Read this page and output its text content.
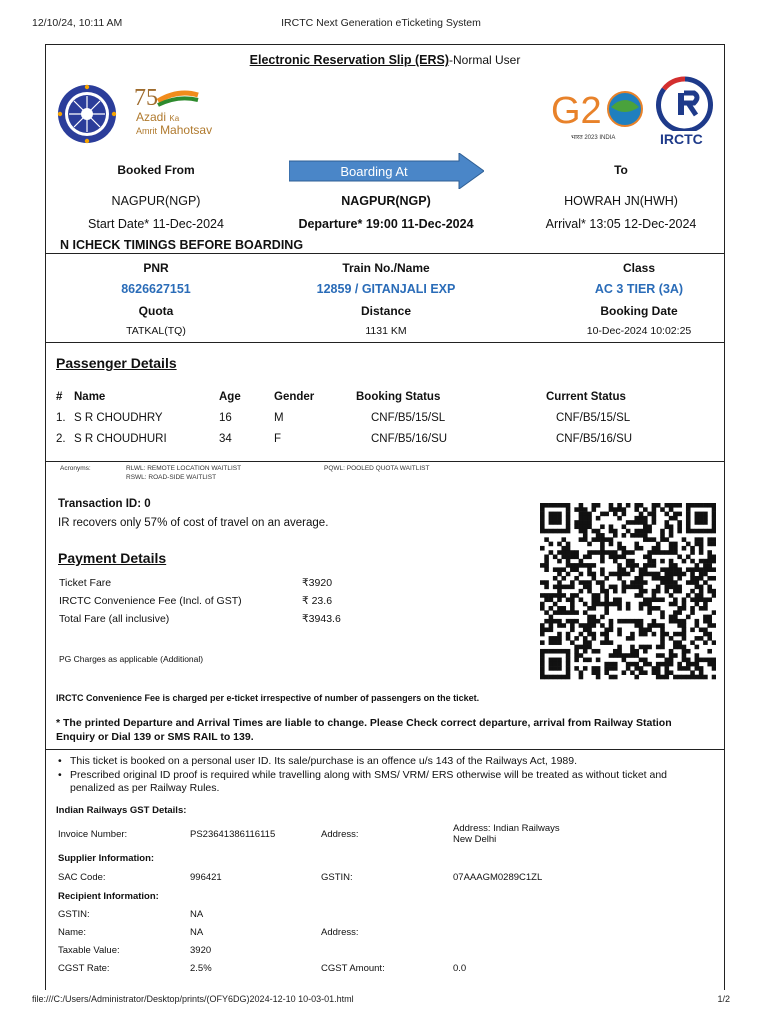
12/10/24, 10:11 AM	IRCTC Next Generation eTicketing System
Electronic Reservation Slip (ERS)-Normal User
75
Azadi Ka
Amrit Mahotsav	G2
भारत 2023 INDIA	IRCTC
Booked From	Boarding At	To
NAGPUR(NGP)	NAGPUR(NGP)	HOWRAH JN(HWH)
Start Date* 11-Dec-2024	Departure* 19:00 11-Dec-2024	Arrival* 13:05 12-Dec-2024
N ICHECK TIMINGS BEFORE BOARDING
PNR	Train No./Name	Class
8626627151	12859 / GITANJALI EXP	AC 3 TIER (3A)
Quota	Distance	Booking Date
TATKAL(TQ)	1131 KM	10-Dec-2024 10:02:25
Passenger Details
#	Name	Age	Gender	Booking Status	Current Status
1.	S R CHOUDHRY	16	M	CNF/B5/15/SL	CNF/B5/15/SL
2.	S R CHOUDHURI	34	F	CNF/B5/16/SU	CNF/B5/16/SU
Acronyms:	RLWL: REMOTE LOCATION WAITLIST
RSWL: ROAD-SIDE WAITLIST
PQWL: POOLED QUOTA WAITLIST
Transaction ID: 0
IR recovers only 57% of cost of travel on an average.
Payment Details
Ticket Fare	₹3920
IRCTC Convenience Fee (Incl. of GST)	₹ 23.6
Total Fare (all inclusive)	₹3943.6
PG Charges as applicable (Additional)
IRCTC Convenience Fee is charged per e-ticket irrespective of number of passengers on the ticket.
* The printed Departure and Arrival Times are liable to change. Please Check correct departure, arrival from Railway Station Enquiry or Dial 139 or SMS RAIL to 139.
• This ticket is booked on a personal user ID. Its sale/purchase is an offence u/s 143 of the Railways Act, 1989.
• Prescribed original ID proof is required while travelling along with SMS/ VRM/ ERS otherwise will be treated as without ticket and penalized as per Railway Rules.
Indian Railways GST Details:
Invoice Number:	PS23641386116115	Address:	Address: Indian Railways
New Delhi

Supplier Information:			
SAC Code:	996421	GSTIN:	07AAAGM0289C1ZL
Recipient Information:			
GSTIN:	NA		
Name:	NA	Address:	
Taxable Value:	3920		
CGST Rate:	2.5%	CGST Amount:	0.0
file:///C:/Users/Administrator/Desktop/prints/(OFY6DG)2024-12-10 10-03-01.html	1/2
